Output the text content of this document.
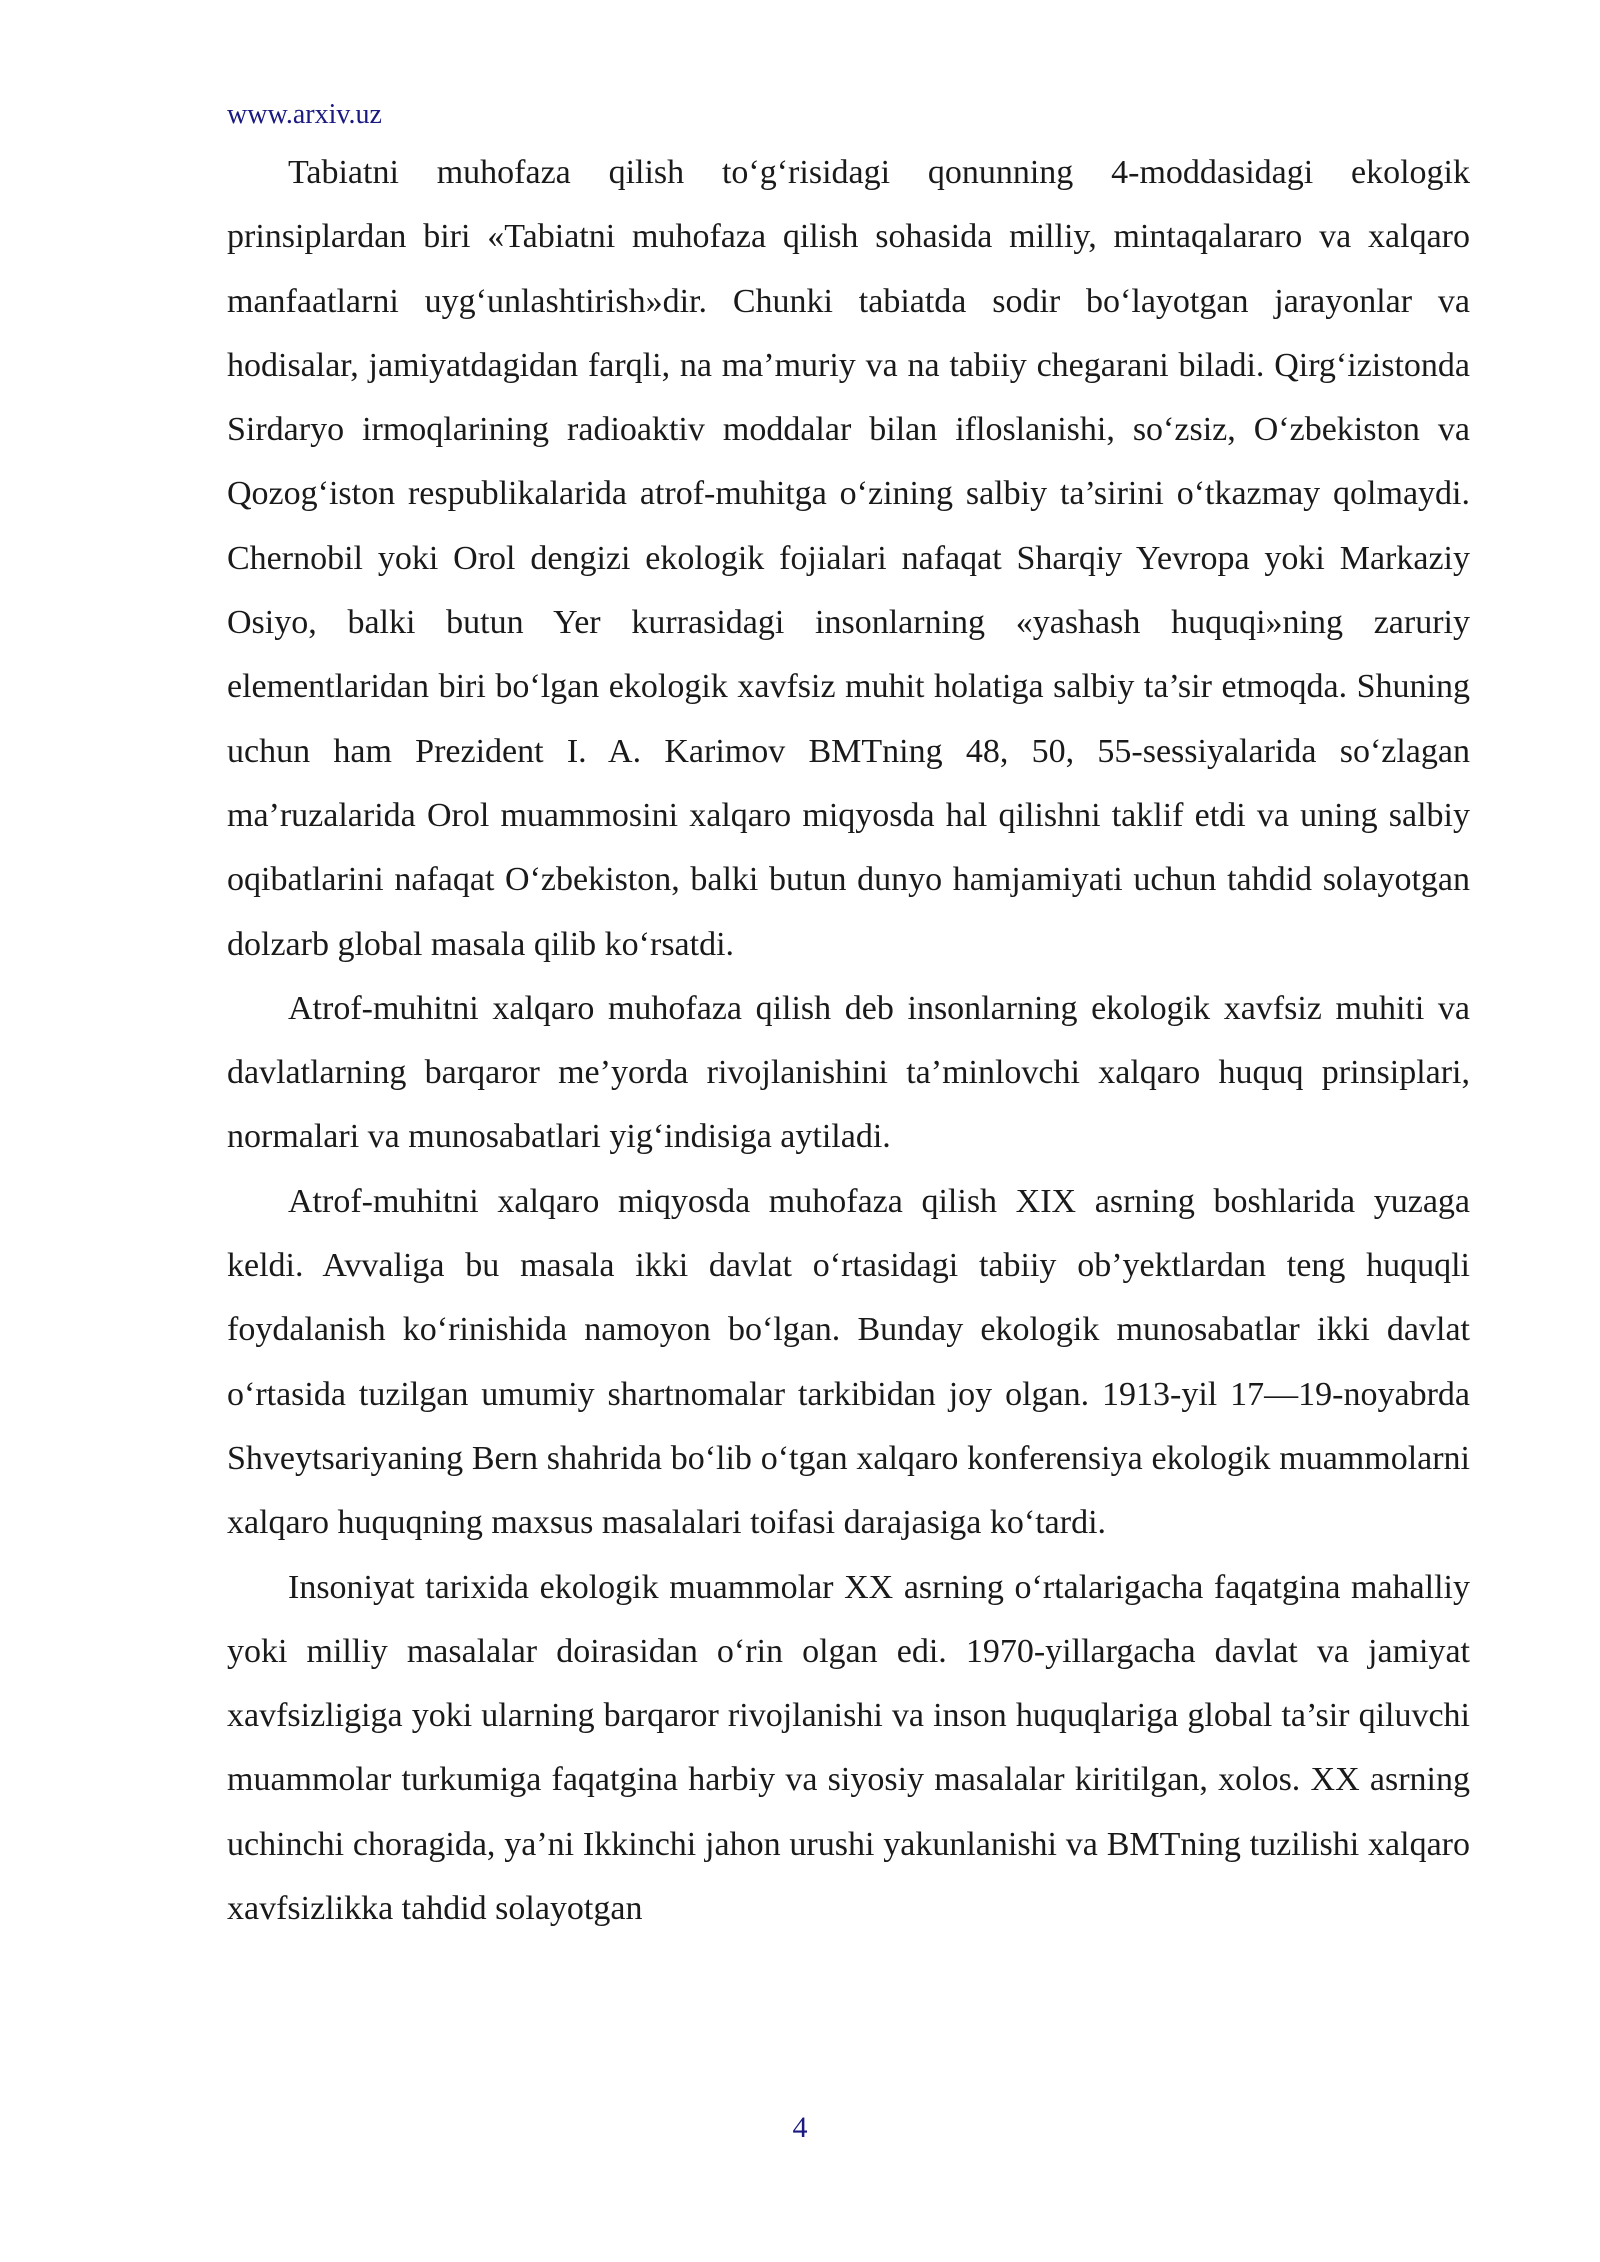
www.arxiv.uz

Tabiatni muhofaza qilish to‘g‘risidagi qonunning 4-moddasidagi ekologik prinsiplardan biri «Tabiatni muhofaza qilish sohasida milliy, mintaqalararo va xalqaro manfaatlarni uyg‘unlashtirish»dir. Chunki tabiatda sodir bo‘layotgan jarayonlar va hodisalar, jamiyatdagidan farqli, na ma’muriy va na tabiiy chegarani biladi. Qirg‘izistonda Sirdaryo irmoqlarining radioaktiv moddalar bilan ifloslanishi, so‘zsiz, O‘zbekiston va Qozog‘iston respublikalarida atrof-muhitga o‘zining salbiy ta’sirini o‘tkazmay qolmaydi. Chernobil yoki Orol dengizi ekologik fojialari nafaqat Sharqiy Yevropa yoki Markaziy Osiyo, balki butun Yer kurrasidagi insonlarning «yashash huquqi»ning zaruriy elementlaridan biri bo‘lgan ekologik xavfsiz muhit holatiga salbiy ta’sir etmoqda. Shuning uchun ham Prezident I. A. Karimov BMTning 48, 50, 55-sessiyalarida so‘zlagan ma’ruzalarida Orol muammosini xalqaro miqyosda hal qilishni taklif etdi va uning salbiy oqibatlarini nafaqat O‘zbekiston, balki butun dunyo hamjamiyati uchun tahdid solayotgan dolzarb global masala qilib ko‘rsatdi.

Atrof-muhitni xalqaro muhofaza qilish deb insonlarning ekologik xavfsiz muhiti va davlatlarning barqaror me’yorda rivojlanishini ta’minlovchi xalqaro huquq prinsiplari, normalari va munosabatlari yig‘indisiga aytiladi.

Atrof-muhitni xalqaro miqyosda muhofaza qilish XIX asrning boshlarida yuzaga keldi. Avvaliga bu masala ikki davlat o‘rtasidagi tabiiy ob’yektlardan teng huquqli foydalanish ko‘rinishida namoyon bo‘lgan. Bunday ekologik munosabatlar ikki davlat o‘rtasida tuzilgan umumiy shartnomalar tarkibidan joy olgan. 1913-yil 17—19-noyabrda Shveytsariyaning Bern shahrida bo‘lib o‘tgan xalqaro konferensiya ekologik muammolarni xalqaro huquqning maxsus masalalari toifasi darajasiga ko‘tardi.

Insoniyat tarixida ekologik muammolar XX asrning o‘rtalarigacha faqatgina mahalliy yoki milliy masalalar doirasidan o‘rin olgan edi. 1970-yillargacha davlat va jamiyat xavfsizligiga yoki ularning barqaror rivojlanishi va inson huquqlariga global ta’sir qiluvchi muammolar turkumiga faqatgina harbiy va siyosiy masalalar kiritilgan, xolos. XX asrning uchinchi choragida, ya’ni Ikkinchi jahon urushi yakunlanishi va BMTning tuzilishi xalqaro xavfsizlikka tahdid solayotgan

4
